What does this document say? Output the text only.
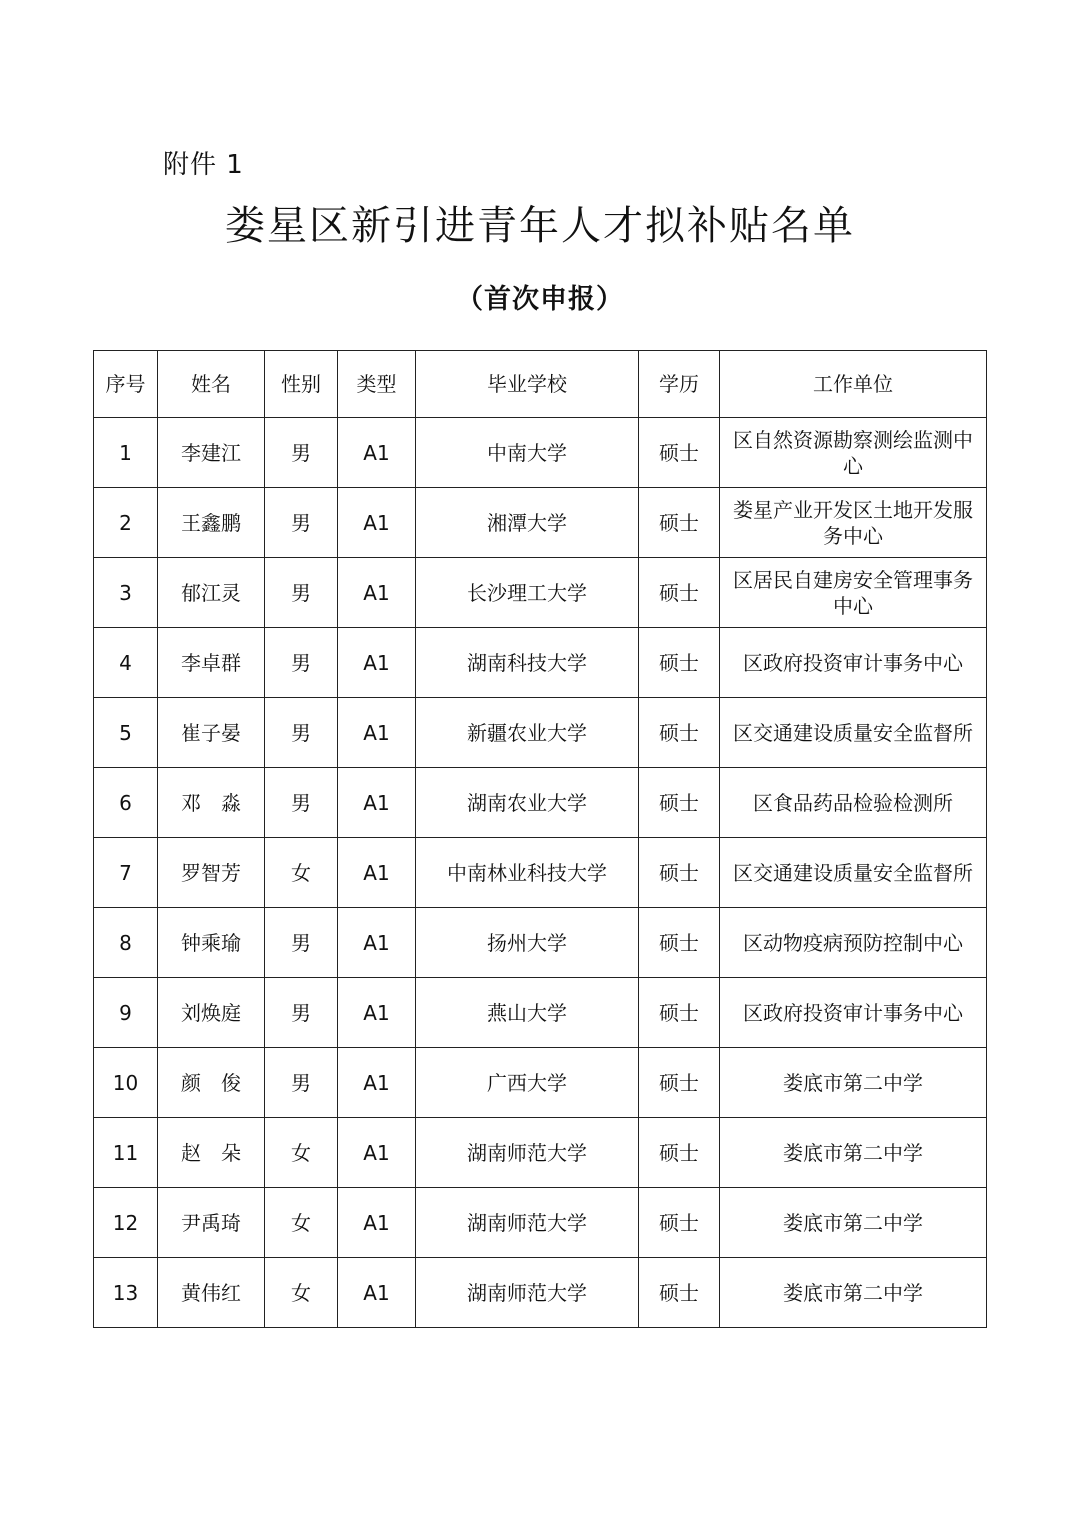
附件 1
娄星区新引进青年人才拟补贴名单
（首次申报）
序号	姓名	性别	类型	毕业学校	学历	工作单位
1	李建江	男	A1	中南大学	硕士	区自然资源勘察测绘监测中心
2	王鑫鹏	男	A1	湘潭大学	硕士	娄星产业开发区土地开发服务中心
3	郁江灵	男	A1	长沙理工大学	硕士	区居民自建房安全管理事务中心
4	李卓群	男	A1	湖南科技大学	硕士	区政府投资审计事务中心
5	崔子晏	男	A1	新疆农业大学	硕士	区交通建设质量安全监督所
6	邓　淼	男	A1	湖南农业大学	硕士	区食品药品检验检测所
7	罗智芳	女	A1	中南林业科技大学	硕士	区交通建设质量安全监督所
8	钟乘瑜	男	A1	扬州大学	硕士	区动物疫病预防控制中心
9	刘焕庭	男	A1	燕山大学	硕士	区政府投资审计事务中心
10	颜　俊	男	A1	广西大学	硕士	娄底市第二中学
11	赵　朵	女	A1	湖南师范大学	硕士	娄底市第二中学
12	尹禹琦	女	A1	湖南师范大学	硕士	娄底市第二中学
13	黄伟红	女	A1	湖南师范大学	硕士	娄底市第二中学
